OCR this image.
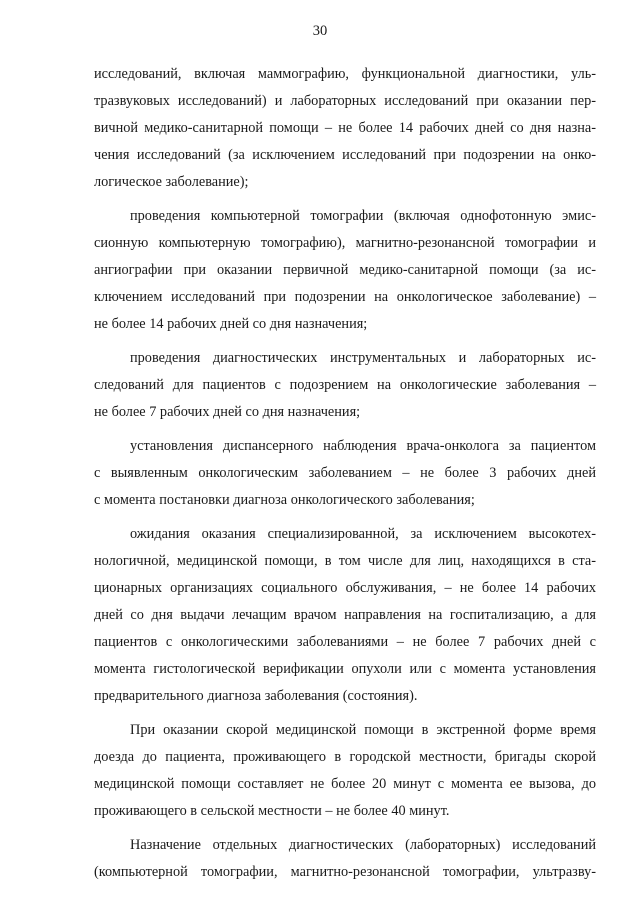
30
исследований, включая маммографию, функциональной диагностики, уль-
тразвуковых исследований) и лабораторных исследований при оказании пер-
вичной медико-санитарной помощи – не более 14 рабочих дней со дня назна-
чения исследований (за исключением исследований при подозрении на онко-
логическое заболевание);
проведения компьютерной томографии (включая однофотонную эмис-
сионную компьютерную томографию), магнитно-резонансной томографии и
ангиографии при оказании первичной медико-санитарной помощи (за ис-
ключением исследований при подозрении на онкологическое заболевание) –
не более 14 рабочих дней со дня назначения;
проведения диагностических инструментальных и лабораторных ис-
следований для пациентов с подозрением на онкологические заболевания –
не более 7 рабочих дней со дня назначения;
установления диспансерного наблюдения врача-онколога за пациентом
с выявленным онкологическим заболеванием – не более 3 рабочих дней
с момента постановки диагноза онкологического заболевания;
ожидания оказания специализированной, за исключением высокотех-
нологичной, медицинской помощи, в том числе для лиц, находящихся в ста-
ционарных организациях социального обслуживания, – не более 14 рабочих
дней со дня выдачи лечащим врачом направления на госпитализацию, а для
пациентов с онкологическими заболеваниями – не более 7 рабочих дней с
момента гистологической верификации опухоли или с момента установления
предварительного диагноза заболевания (состояния).
При оказании скорой медицинской помощи в экстренной форме время
доезда до пациента, проживающего в городской местности, бригады скорой
медицинской помощи составляет не более 20 минут с момента ее вызова, до
проживающего в сельской местности – не более 40 минут.
Назначение отдельных диагностических (лабораторных) исследований
(компьютерной томографии, магнитно-резонансной томографии, ультразву-
